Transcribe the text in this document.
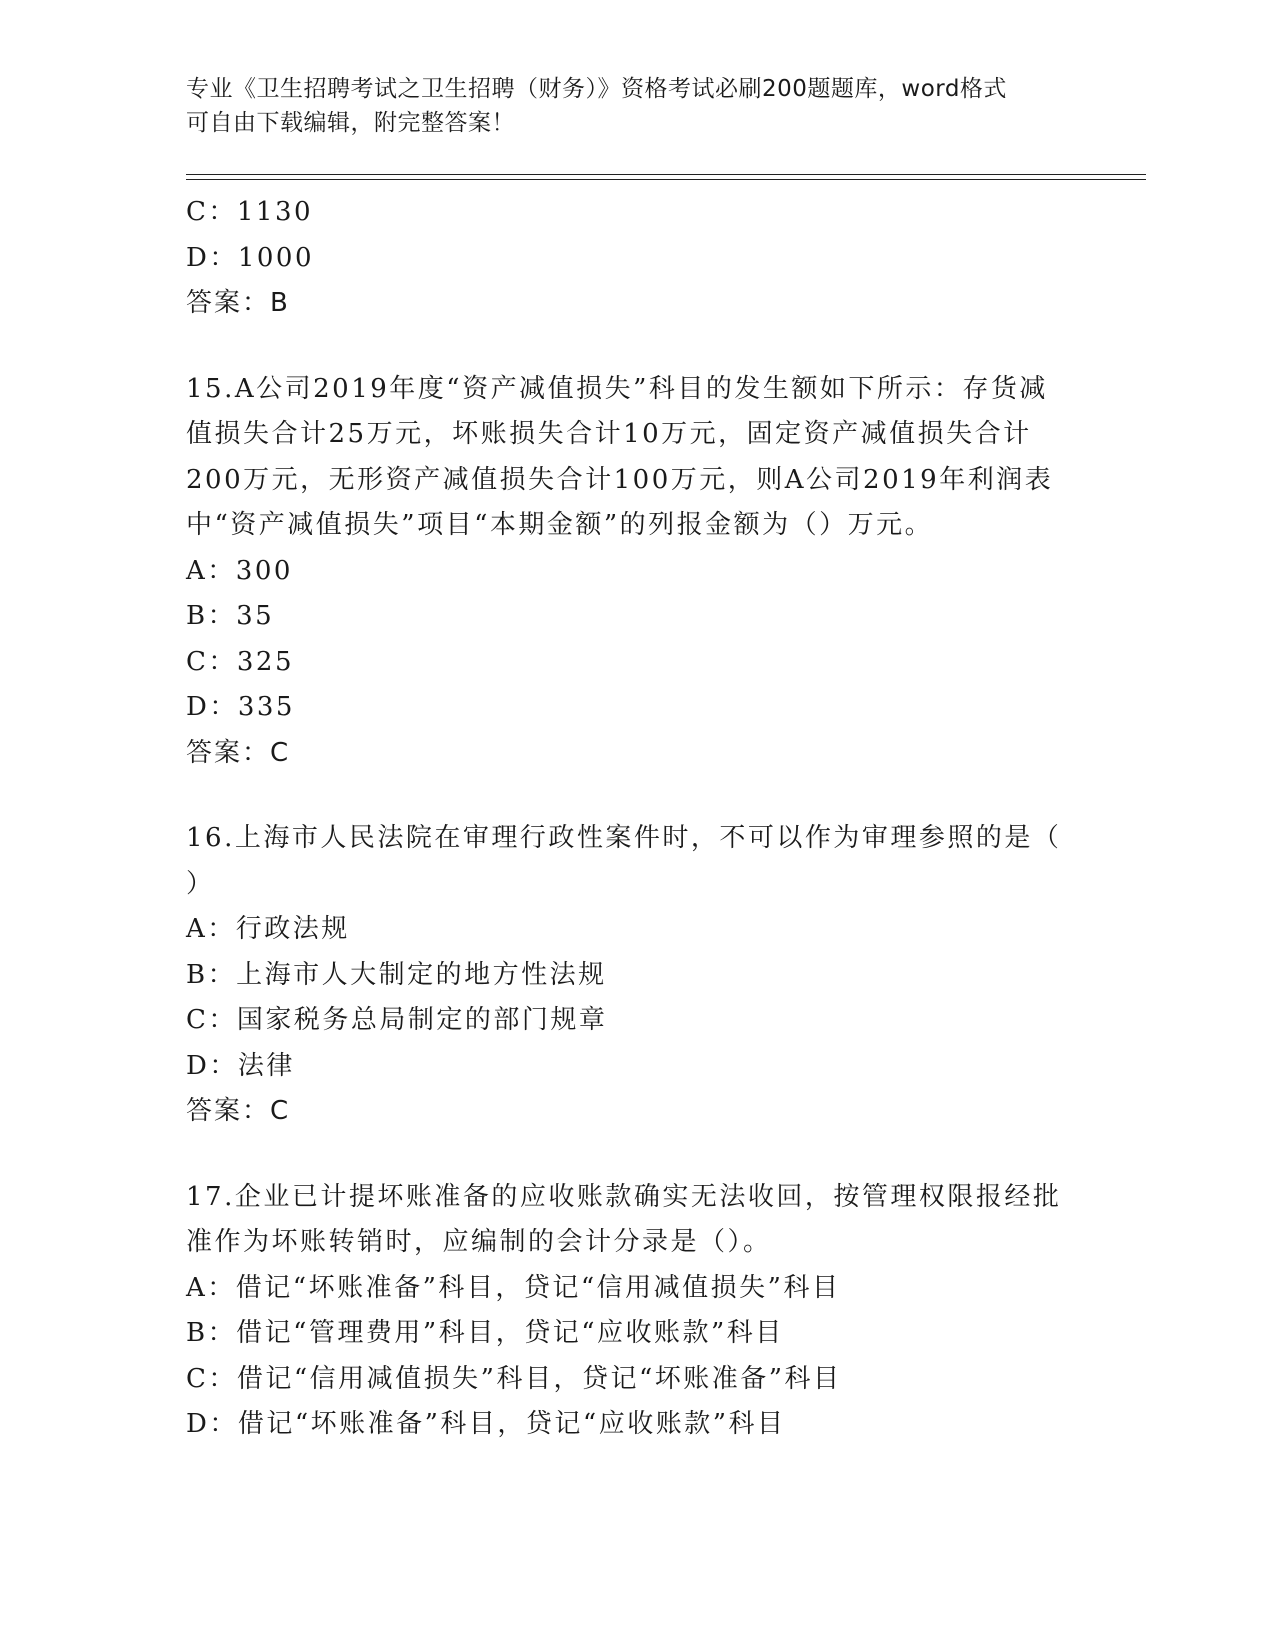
专业《卫生招聘考试之卫生招聘（财务）》资格考试必刷200题题库，word格式
可自由下载编辑，附完整答案！
C：1130
D：1000
答案：B
15.A公司2019年度“资产减值损失”科目的发生额如下所示：存货减
值损失合计25万元，坏账损失合计10万元，固定资产减值损失合计
200万元，无形资产减值损失合计100万元，则A公司2019年利润表
中“资产减值损失”项目“本期金额”的列报金额为（）万元。
A：300
B：35
C：325
D：335
答案：C
16.上海市人民法院在审理行政性案件时，不可以作为审理参照的是（
）
A：行政法规
B：上海市人大制定的地方性法规
C：国家税务总局制定的部门规章
D：法律
答案：C
17.企业已计提坏账准备的应收账款确实无法收回，按管理权限报经批
准作为坏账转销时，应编制的会计分录是（）。
A：借记“坏账准备”科目，贷记“信用减值损失”科目
B：借记“管理费用”科目，贷记“应收账款”科目
C：借记“信用减值损失”科目，贷记“坏账准备”科目
D：借记“坏账准备”科目，贷记“应收账款”科目
